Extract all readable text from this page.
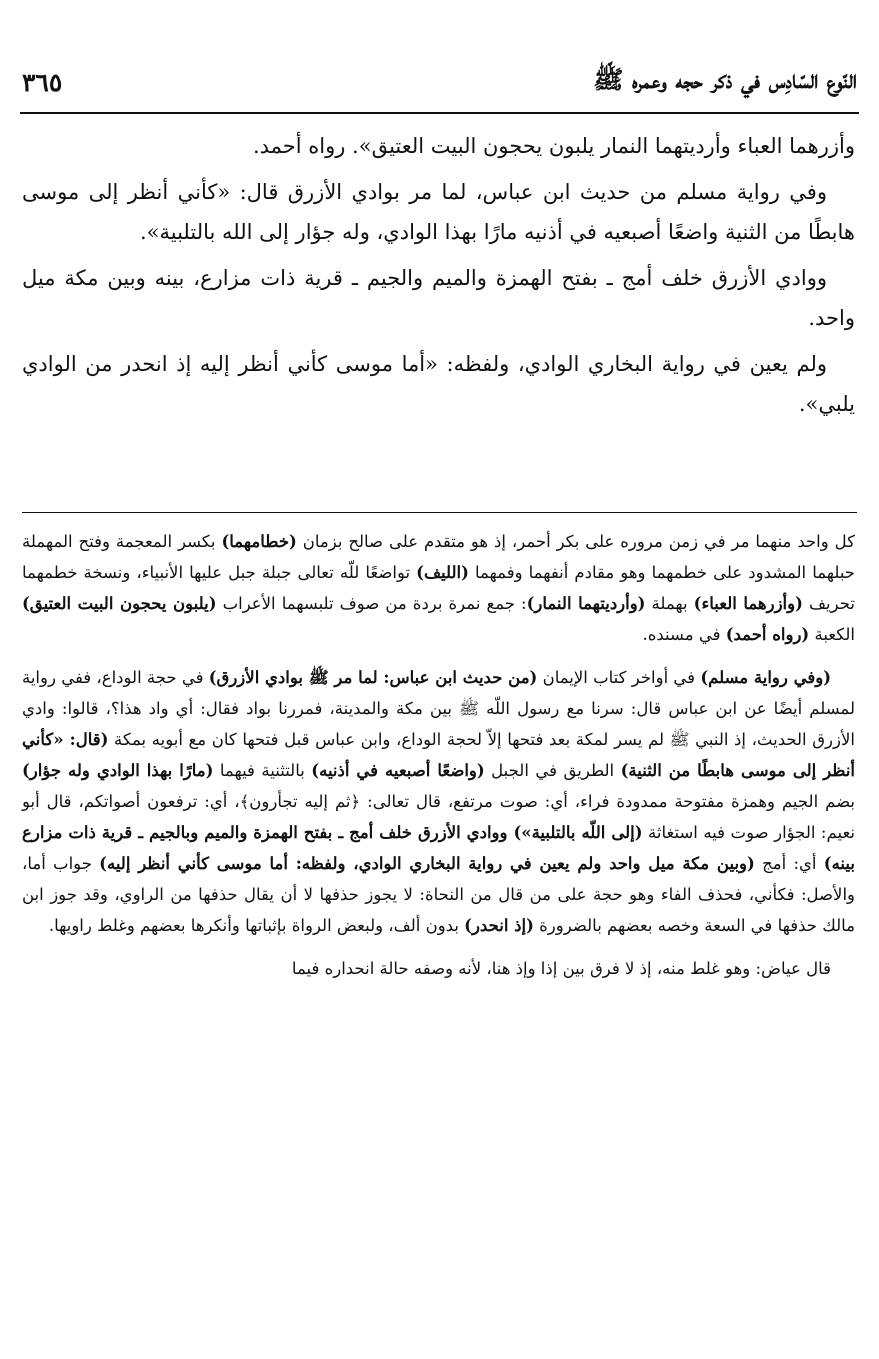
النّوع السّادِس في ذكر حجه وعمره ﷺ
٣٦٥

وأزرهما العباء وأرديتهما النمار يلبون يحجون البيت العتيق». رواه أحمد.

وفي رواية مسلم من حديث ابن عباس، لما مر بوادي الأزرق قال: «كأني أنظر إلى موسى هابطًا من الثنية واضعًا أصبعيه في أذنيه مارًا بهذا الوادي، وله جؤار إلى الله بالتلبية».

ووادي الأزرق خلف أمج ـ بفتح الهمزة والميم والجيم ـ قرية ذات مزارع، بينه وبين مكة ميل واحد.

ولم يعين في رواية البخاري الوادي، ولفظه: «أما موسى كأني أنظر إليه إذ انحدر من الوادي يلبي».

كل واحد منهما مر في زمن مروره على بكر أحمر، إذ هو متقدم على صالح بزمان (خطامهما) بكسر المعجمة وفتح المهملة حبلهما المشدود على خطمهما وهو مقادم أنفهما وفمهما (الليف) تواضعًا للّه تعالى جبلة جبل عليها الأنبياء، ونسخة خطمهما تحريف (وأزرهما العباء) بهملة (وأرديتهما النمار): جمع نمرة بردة من صوف تلبسهما الأعراب (يلبون يحجون البيت العتيق) الكعبة (رواه أحمد) في مسنده.

(وفي رواية مسلم) في أواخر كتاب الإيمان (من حديث ابن عباس: لما مر ﷺ بوادي الأزرق) في حجة الوداع، ففي رواية لمسلم أيضًا عن ابن عباس قال: سرنا مع رسول اللّه ﷺ بين مكة والمدينة، فمررنا بواد فقال: أي واد هذا؟، قالوا: وادي الأزرق الحديث، إذ النبي ﷺ لم يسر لمكة بعد فتحها إلاّ لحجة الوداع، وابن عباس قبل فتحها كان مع أبويه بمكة (قال: «كأني أنظر إلى موسى هابطًا من الثنية) الطريق في الجبل (واضعًا أصبعيه في أذنيه) بالتثنية فيهما (مارًا بهذا الوادي وله جؤار) بضم الجيم وهمزة مفتوحة ممدودة فراء، أي: صوت مرتفع، قال تعالى: ﴿ثم إليه تجأرون﴾، أي: ترفعون أصواتكم، قال أبو نعيم: الجؤار صوت فيه استغاثة (إلى اللّه بالتلبية») ووادي الأزرق خلف أمج ـ بفتح الهمزة والميم وبالجيم ـ قرية ذات مزارع بينه) أي: أمج (وبين مكة ميل واحد ولم يعين في رواية البخاري الوادي، ولفظه: أما موسى كأني أنظر إليه) جواب أما، والأصل: فكأني، فحذف الفاء وهو حجة على من قال من النحاة: لا يجوز حذفها لا أن يقال حذفها من الراوي، وقد جوز ابن مالك حذفها في السعة وخصه بعضهم بالضرورة (إذ انحدر) بدون ألف، ولبعض الرواة بإثباتها وأنكرها بعضهم وغلط راويها.

قال عياض: وهو غلط منه، إذ لا فرق بين إذا وإذ هنا، لأنه وصفه حالة انحداره فيما
